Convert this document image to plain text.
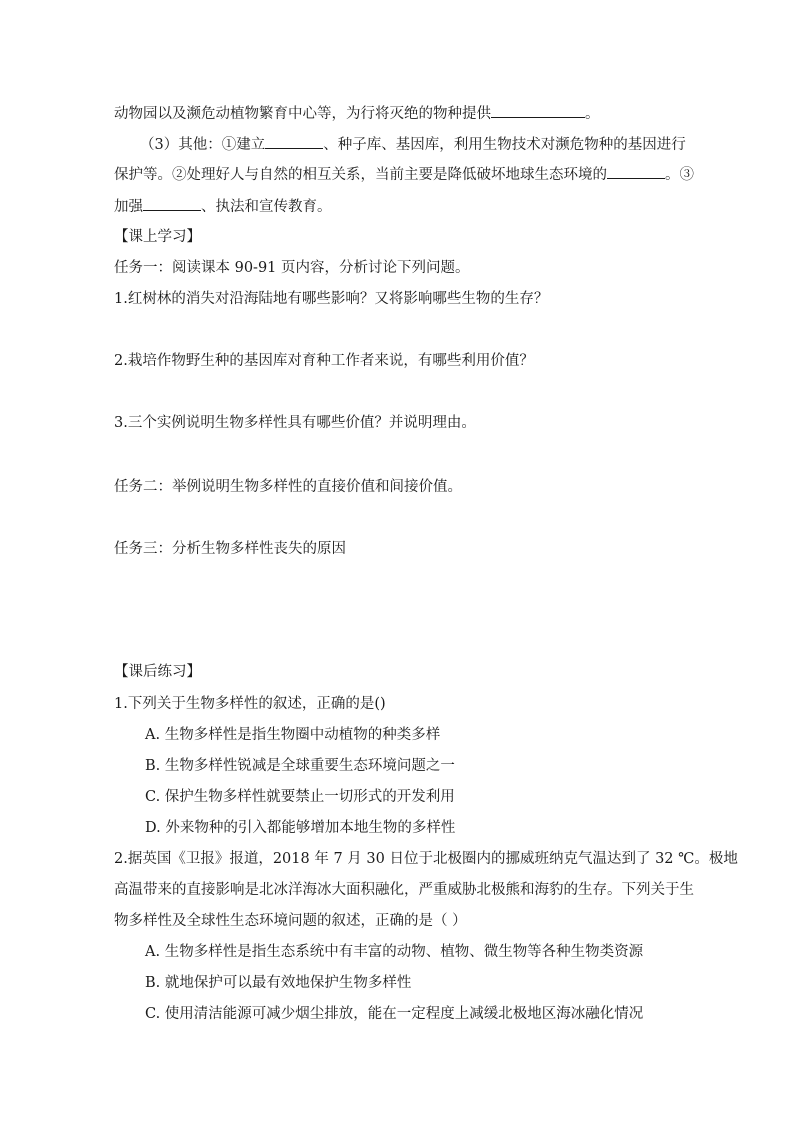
动物园以及濒危动植物繁育中心等，为行将灭绝的物种提供	。
（3）其他：①建立	、种子库、基因库，利用生物技术对濒危物种的基因进行
保护等。②处理好人与自然的相互关系，当前主要是降低破坏地球生态环境的	。③
加强	、执法和宣传教育。
【课上学习】
任务一：阅读课本 90-91 页内容，分析讨论下列问题。
1.红树林的消失对沿海陆地有哪些影响？又将影响哪些生物的生存？
2.栽培作物野生种的基因库对育种工作者来说，有哪些利用价值？
3.三个实例说明生物多样性具有哪些价值？并说明理由。
任务二：举例说明生物多样性的直接价值和间接价值。
任务三：分析生物多样性丧失的原因
【课后练习】
1.下列关于生物多样性的叙述，正确的是()
A. 生物多样性是指生物圈中动植物的种类多样
B. 生物多样性锐减是全球重要生态环境问题之一
C. 保护生物多样性就要禁止一切形式的开发利用
D. 外来物种的引入都能够增加本地生物的多样性
2.据英国《卫报》报道，2018 年 7 月 30 日位于北极圈内的挪威班纳克气温达到了 32 ℃。极地
高温带来的直接影响是北冰洋海冰大面积融化，严重威胁北极熊和海豹的生存。下列关于生
物多样性及全球性生态环境问题的叙述，正确的是（ ）
A. 生物多样性是指生态系统中有丰富的动物、植物、微生物等各种生物类资源
B. 就地保护可以最有效地保护生物多样性
C. 使用清洁能源可减少烟尘排放，能在一定程度上减缓北极地区海冰融化情况
